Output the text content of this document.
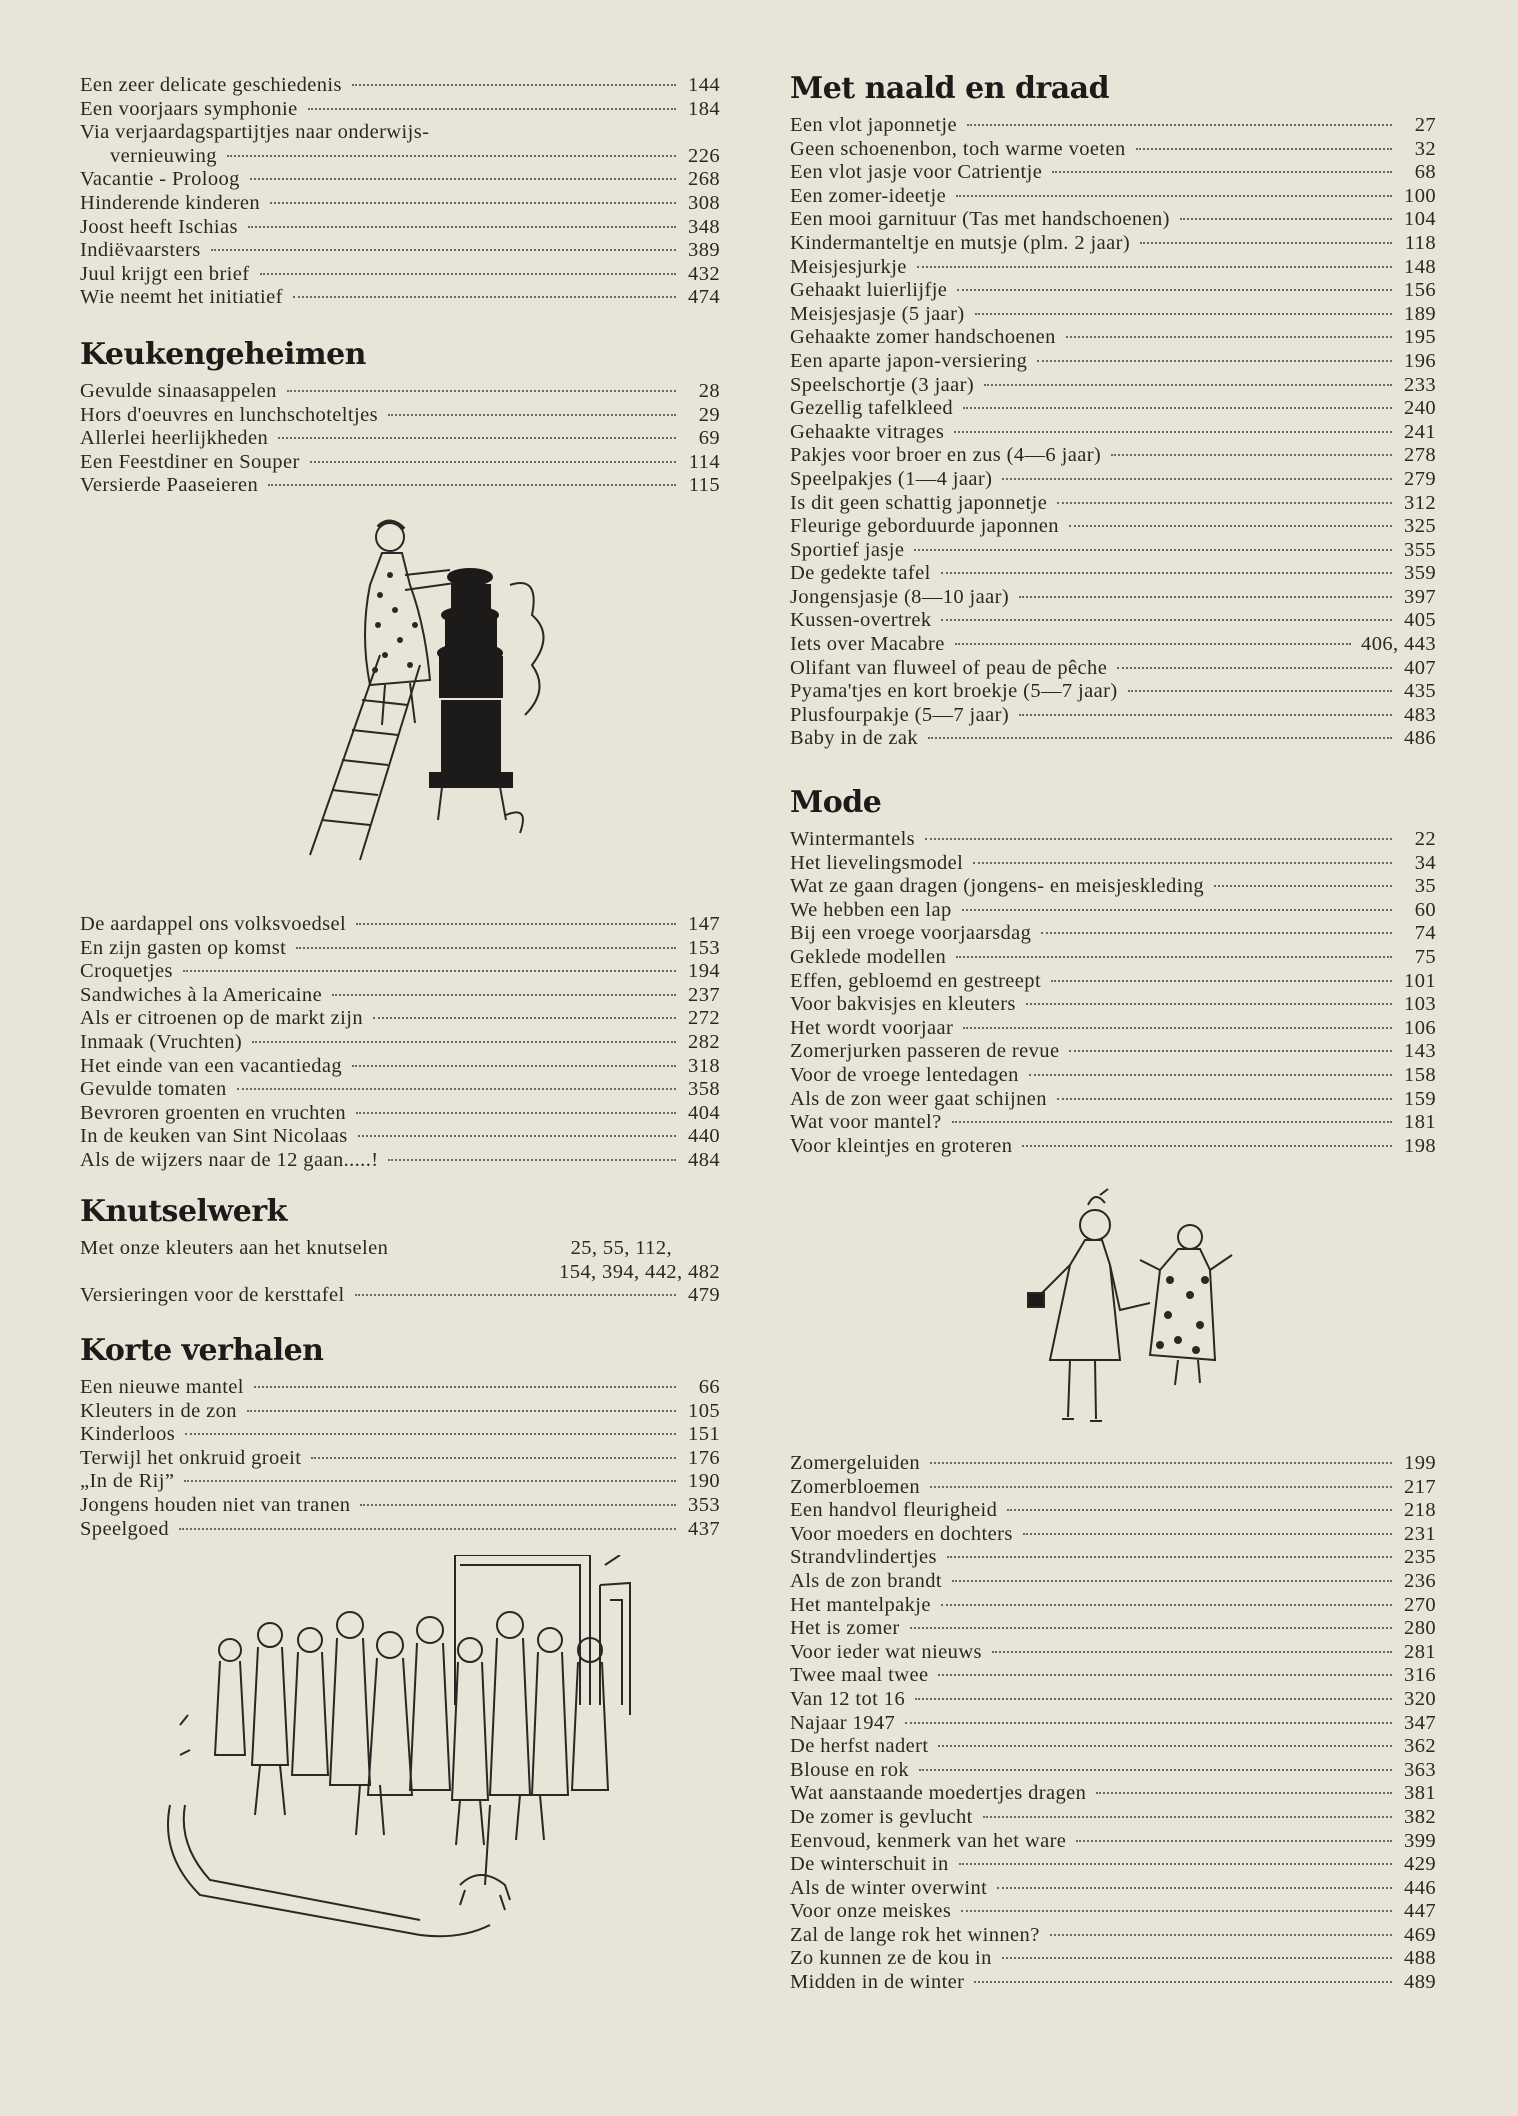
Een zeer delicate geschiedenis	144
Een voorjaars symphonie	184
Via verjaardagspartijtjes naar onderwijs-
vernieuwing	226
Vacantie - Proloog	268
Hinderende kinderen	308
Joost heeft Ischias	348
Indiëvaarsters	389
Juul krijgt een brief	432
Wie neemt het initiatief	474
Keukengeheimen
Gevulde sinaasappelen	28
Hors d'oeuvres en lunchschoteltjes	29
Allerlei heerlijkheden	69
Een Feestdiner en Souper	114
Versierde Paaseieren	115
De aardappel ons volksvoedsel	147
En zijn gasten op komst	153
Croquetjes	194
Sandwiches à la Americaine	237
Als er citroenen op de markt zijn	272
Inmaak (Vruchten)	282
Het einde van een vacantiedag	318
Gevulde tomaten	358
Bevroren groenten en vruchten	404
In de keuken van Sint Nicolaas	440
Als de wijzers naar de 12 gaan.....!	484
Knutselwerk
Met onze kleuters aan het knutselen	25, 55, 112,
154, 394, 442, 482
Versieringen voor de kersttafel	479
Korte verhalen
Een nieuwe mantel	66
Kleuters in de zon	105
Kinderloos	151
Terwijl het onkruid groeit	176
„In de Rij”	190
Jongens houden niet van tranen	353
Speelgoed	437
Met naald en draad
Een vlot japonnetje	27
Geen schoenenbon, toch warme voeten	32
Een vlot jasje voor Catrientje	68
Een zomer-ideetje	100
Een mooi garnituur (Tas met handschoenen)	104
Kindermanteltje en mutsje (plm. 2 jaar)	118
Meisjesjurkje	148
Gehaakt luierlijfje	156
Meisjesjasje (5 jaar)	189
Gehaakte zomer handschoenen	195
Een aparte japon-versiering	196
Speelschortje (3 jaar)	233
Gezellig tafelkleed	240
Gehaakte vitrages	241
Pakjes voor broer en zus (4—6 jaar)	278
Speelpakjes (1—4 jaar)	279
Is dit geen schattig japonnetje	312
Fleurige geborduurde japonnen	325
Sportief jasje	355
De gedekte tafel	359
Jongensjasje (8—10 jaar)	397
Kussen-overtrek	405
Iets over Macabre	406, 443
Olifant van fluweel of peau de pêche	407
Pyama'tjes en kort broekje (5—7 jaar)	435
Plusfourpakje (5—7 jaar)	483
Baby in de zak	486
Mode
Wintermantels	22
Het lievelingsmodel	34
Wat ze gaan dragen (jongens- en meisjeskleding	35
We hebben een lap	60
Bij een vroege voorjaarsdag	74
Geklede modellen	75
Effen, gebloemd en gestreept	101
Voor bakvisjes en kleuters	103
Het wordt voorjaar	106
Zomerjurken passeren de revue	143
Voor de vroege lentedagen	158
Als de zon weer gaat schijnen	159
Wat voor mantel?	181
Voor kleintjes en groteren	198
Zomergeluiden	199
Zomerbloemen	217
Een handvol fleurigheid	218
Voor moeders en dochters	231
Strandvlindertjes	235
Als de zon brandt	236
Het mantelpakje	270
Het is zomer	280
Voor ieder wat nieuws	281
Twee maal twee	316
Van 12 tot 16	320
Najaar 1947	347
De herfst nadert	362
Blouse en rok	363
Wat aanstaande moedertjes dragen	381
De zomer is gevlucht	382
Eenvoud, kenmerk van het ware	399
De winterschuit in	429
Als de winter overwint	446
Voor onze meiskes	447
Zal de lange rok het winnen?	469
Zo kunnen ze de kou in	488
Midden in de winter	489
